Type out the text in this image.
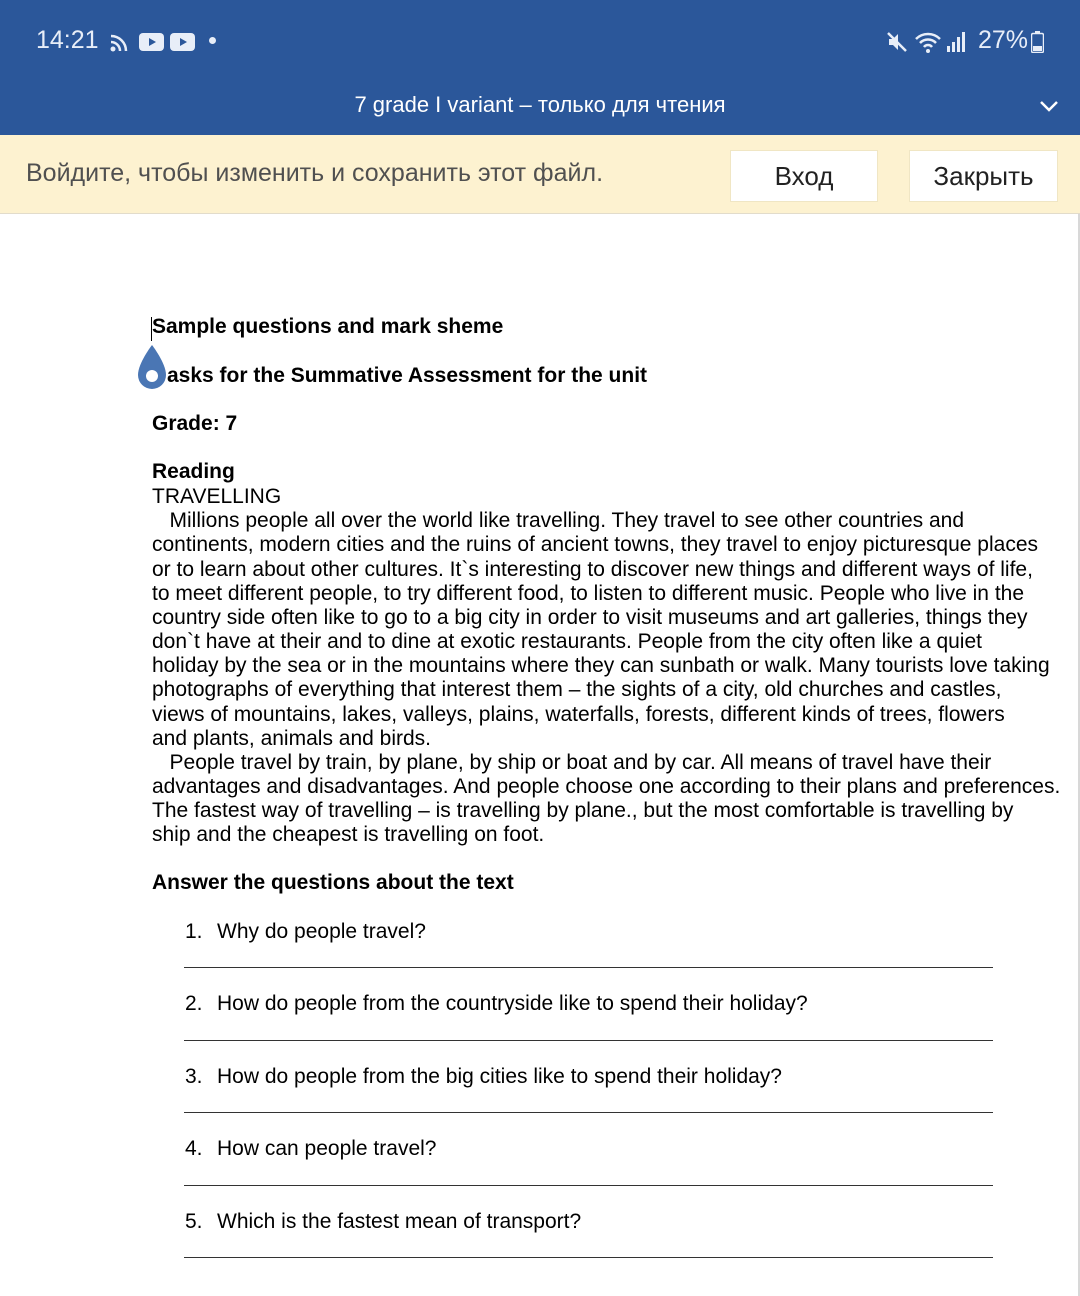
14:21	27%
7 grade I variant – только для чтения
Войдите, чтобы изменить и сохранить этот файл.	Вход	Закрыть
Sample questions and mark sheme
asks for the Summative Assessment for the unit
Grade: 7
Reading
TRAVELLING
Millions people all over the world like travelling. They travel to see other countries and
continents, modern cities and the ruins of ancient towns, they travel to enjoy picturesque places
or to learn about other cultures. It`s interesting to discover new things and different ways of life,
to meet different people, to try different food, to listen to different music. People who live in the
country side often like to go to a big city in order to visit museums and art galleries, things they
don`t have at their and to dine at exotic restaurants. People from the city often like a quiet
holiday by the sea or in the mountains where they can sunbath or walk. Many tourists love taking
photographs of everything that interest them – the sights of a city, old churches and castles,
views of mountains, lakes, valleys, plains, waterfalls, forests, different kinds of trees, flowers
and plants, animals and birds.
People travel by train, by plane, by ship or boat and by car. All means of travel have their
advantages and disadvantages. And people choose one according to their plans and preferences.
The fastest way of travelling – is travelling by plane., but the most comfortable is travelling by
ship and the cheapest is travelling on foot.
Answer the questions about the text
1. Why do people travel?
2. How do people from the countryside like to spend their holiday?
3. How do people from the big cities like to spend their holiday?
4. How can people travel?
5. Which is the fastest mean of transport?
